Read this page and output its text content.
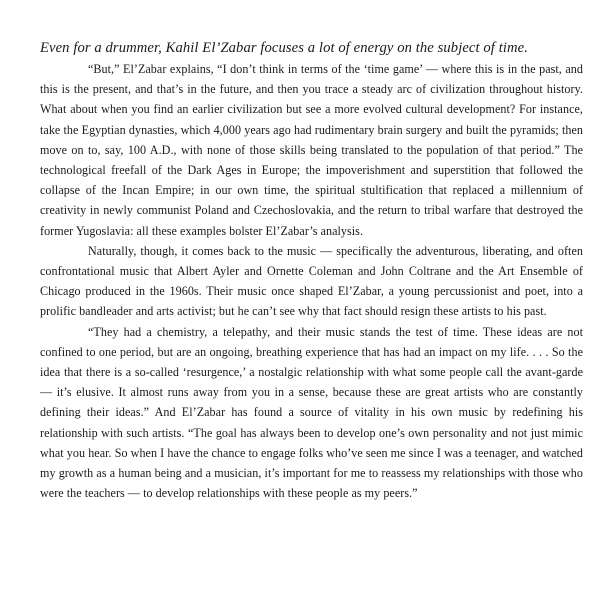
Even for a drummer, Kahil El’Zabar focuses a lot of energy on the subject of time.

“But,” El’Zabar explains, “I don’t think in terms of the ‘time game’ — where this is in the past, and this is the present, and that’s in the future, and then you trace a steady arc of civilization throughout history. What about when you find an earlier civilization but see a more evolved cultural development? For instance, take the Egyptian dynasties, which 4,000 years ago had rudimentary brain surgery and built the pyramids; then move on to, say, 100 A.D., with none of those skills being translated to the population of that period.” The technological freefall of the Dark Ages in Europe; the impoverishment and superstition that followed the collapse of the Incan Empire; in our own time, the spiritual stultification that replaced a millennium of creativity in newly communist Poland and Czechoslovakia, and the return to tribal warfare that destroyed the former Yugoslavia: all these examples bolster El’Zabar’s analysis.

Naturally, though, it comes back to the music — specifically the adventurous, liberating, and often confrontational music that Albert Ayler and Ornette Coleman and John Coltrane and the Art Ensemble of Chicago produced in the 1960s. Their music once shaped El’Zabar, a young percussionist and poet, into a prolific bandleader and arts activist; but he can’t see why that fact should resign these artists to his past.

“They had a chemistry, a telepathy, and their music stands the test of time. These ideas are not confined to one period, but are an ongoing, breathing experience that has had an impact on my life. . . . So the idea that there is a so-called ‘resurgence,’ a nostalgic relationship with what some people call the avant-garde — it’s elusive. It almost runs away from you in a sense, because these are great artists who are constantly defining their ideas.” And El’Zabar has found a source of vitality in his own music by redefining his relationship with such artists. “The goal has always been to develop one’s own personality and not just mimic what you hear. So when I have the chance to engage folks who’ve seen me since I was a teenager, and watched my growth as a human being and a musician, it’s important for me to reassess my relationships with those who were the teachers — to develop relationships with these people as my peers.”
